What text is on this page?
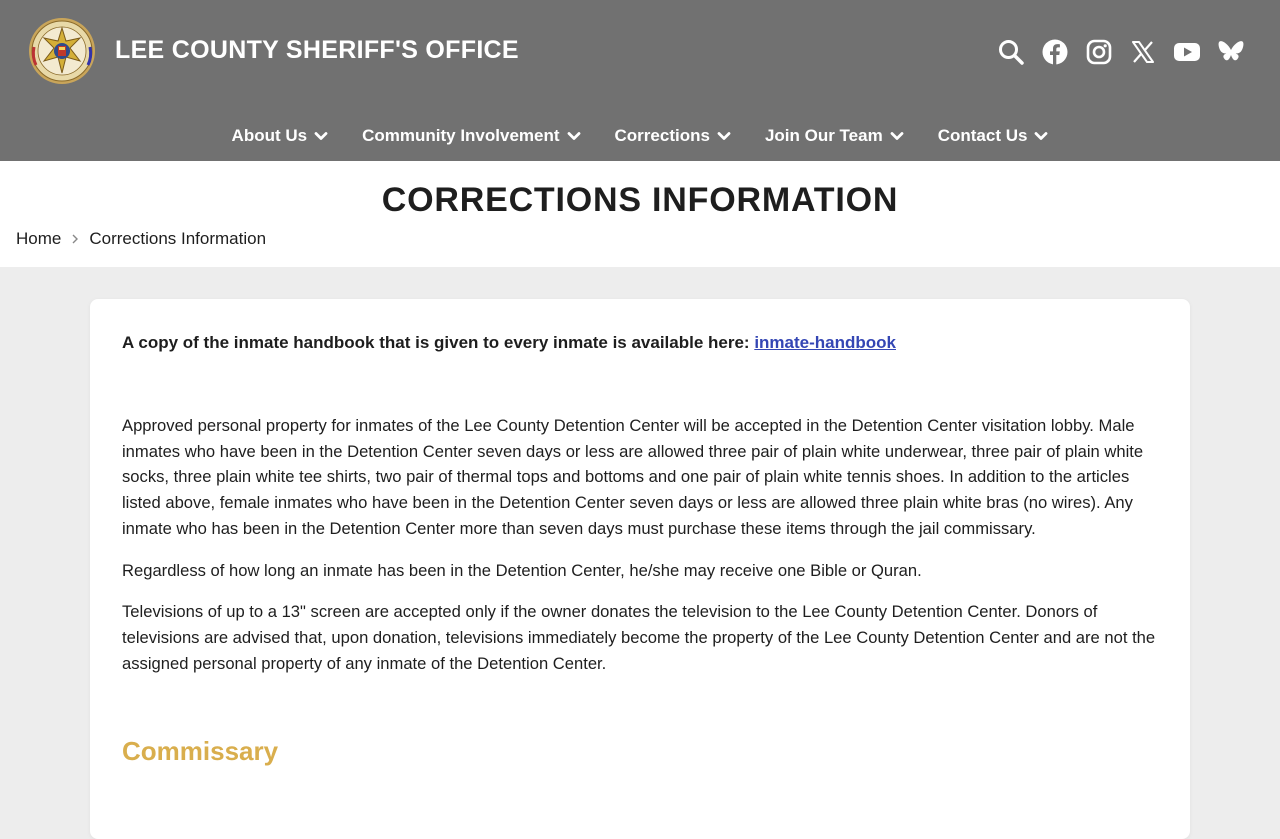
LEE COUNTY SHERIFF'S OFFICE
About Us	Community Involvement	Corrections	Join Our Team	Contact Us
CORRECTIONS INFORMATION
Home Corrections Information

A copy of the inmate handbook that is given to every inmate is available here: inmate-handbook

Approved personal property for inmates of the Lee County Detention Center will be accepted in the Detention Center visitation lobby. Male inmates who have been in the Detention Center seven days or less are allowed three pair of plain white underwear, three pair of plain white socks, three plain white tee shirts, two pair of thermal tops and bottoms and one pair of plain white tennis shoes. In addition to the articles listed above, female inmates who have been in the Detention Center seven days or less are allowed three plain white bras (no wires). Any inmate who has been in the Detention Center more than seven days must purchase these items through the jail commissary.

Regardless of how long an inmate has been in the Detention Center, he/she may receive one Bible or Quran.

Televisions of up to a 13" screen are accepted only if the owner donates the television to the Lee County Detention Center. Donors of televisions are advised that, upon donation, televisions immediately become the property of the Lee County Detention Center and are not the assigned personal property of any inmate of the Detention Center.

Commissary
